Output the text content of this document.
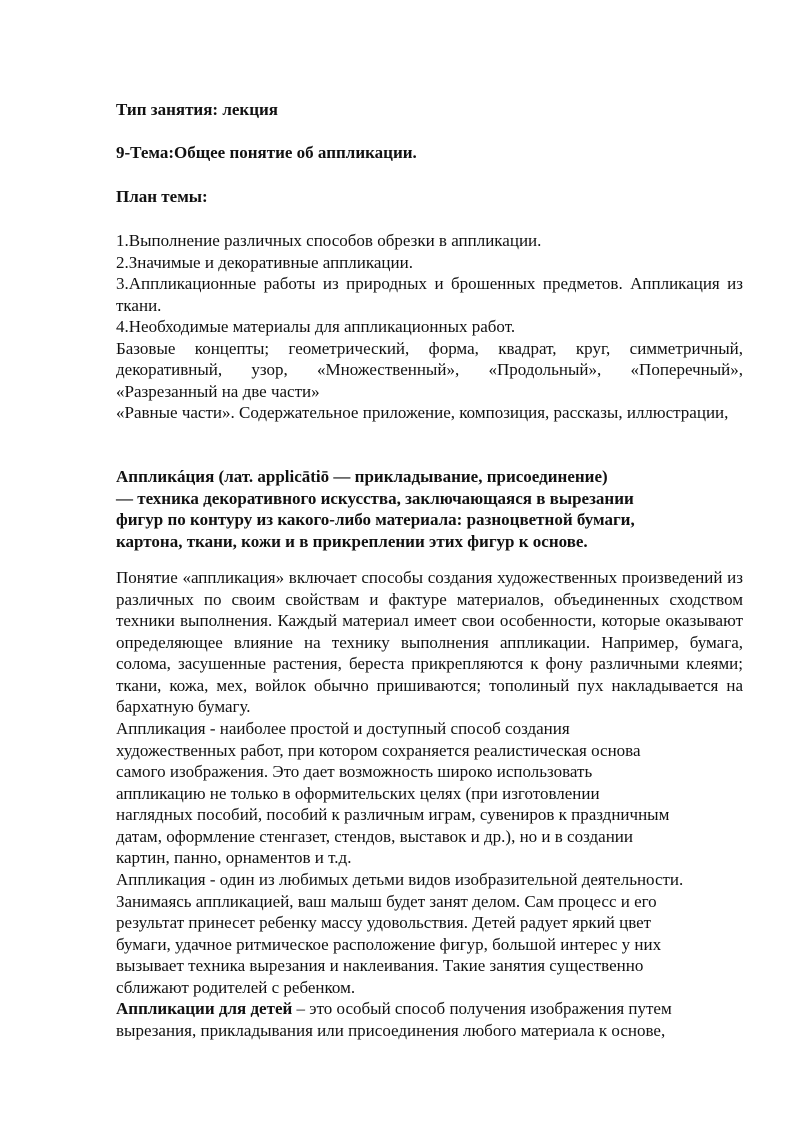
Тип занятия: лекция

9-Тема:Общее понятие об аппликации.

План темы:

1.Выполнение различных способов обрезки в аппликации.
2.Значимые и декоративные аппликации.
3.Аппликационные работы из природных и брошенных предметов. Аппликация из ткани.
4.Необходимые материалы для аппликационных работ.
Базовые концепты; геометрический, форма, квадрат, круг, симметричный, декоративный, узор, «Множественный», «Продольный», «Поперечный», «Разрезанный на две части»
«Равные части». Содержательное приложение, композиция, рассказы, иллюстрации,
Аппликáция (лат. applicātiō — прикладывание, присоединение)
— техника декоративного искусства, заключающаяся в вырезании
фигур по контуру из какого-либо материала: разноцветной бумаги,
картона, ткани, кожи и в прикреплении этих фигур к основе.

Понятие «аппликация» включает способы создания художественных произведений из различных по своим свойствам и фактуре материалов, объединенных сходством техники выполнения. Каждый материал имеет свои особенности, которые оказывают определяющее влияние на технику выполнения аппликации. Например, бумага, солома, засушенные растения, береста прикрепляются к фону различными клеями; ткани, кожа, мех, войлок обычно пришиваются; тополиный пух накладывается на бархатную бумагу.

Аппликация - наиболее простой и доступный способ создания
художественных работ, при котором сохраняется реалистическая основа
самого изображения. Это дает возможность широко использовать
аппликацию не только в оформительских целях (при изготовлении
наглядных пособий, пособий к различным играм, сувениров к праздничным
датам, оформление стенгазет, стендов, выставок и др.), но и в создании
картин, панно, орнаментов и т.д.
Аппликация - один из любимых детьми видов изобразительной деятельности.
Занимаясь аппликацией, ваш малыш будет занят делом. Сам процесс и его
результат принесет ребенку массу удовольствия. Детей радует яркий цвет
бумаги, удачное ритмическое расположение фигур, большой интерес у них
вызывает техника вырезания и наклеивания. Такие занятия существенно
сближают родителей с ребенком.
Аппликации для детей – это особый способ получения изображения путем
вырезания, прикладывания или присоединения любого материала к основе,
